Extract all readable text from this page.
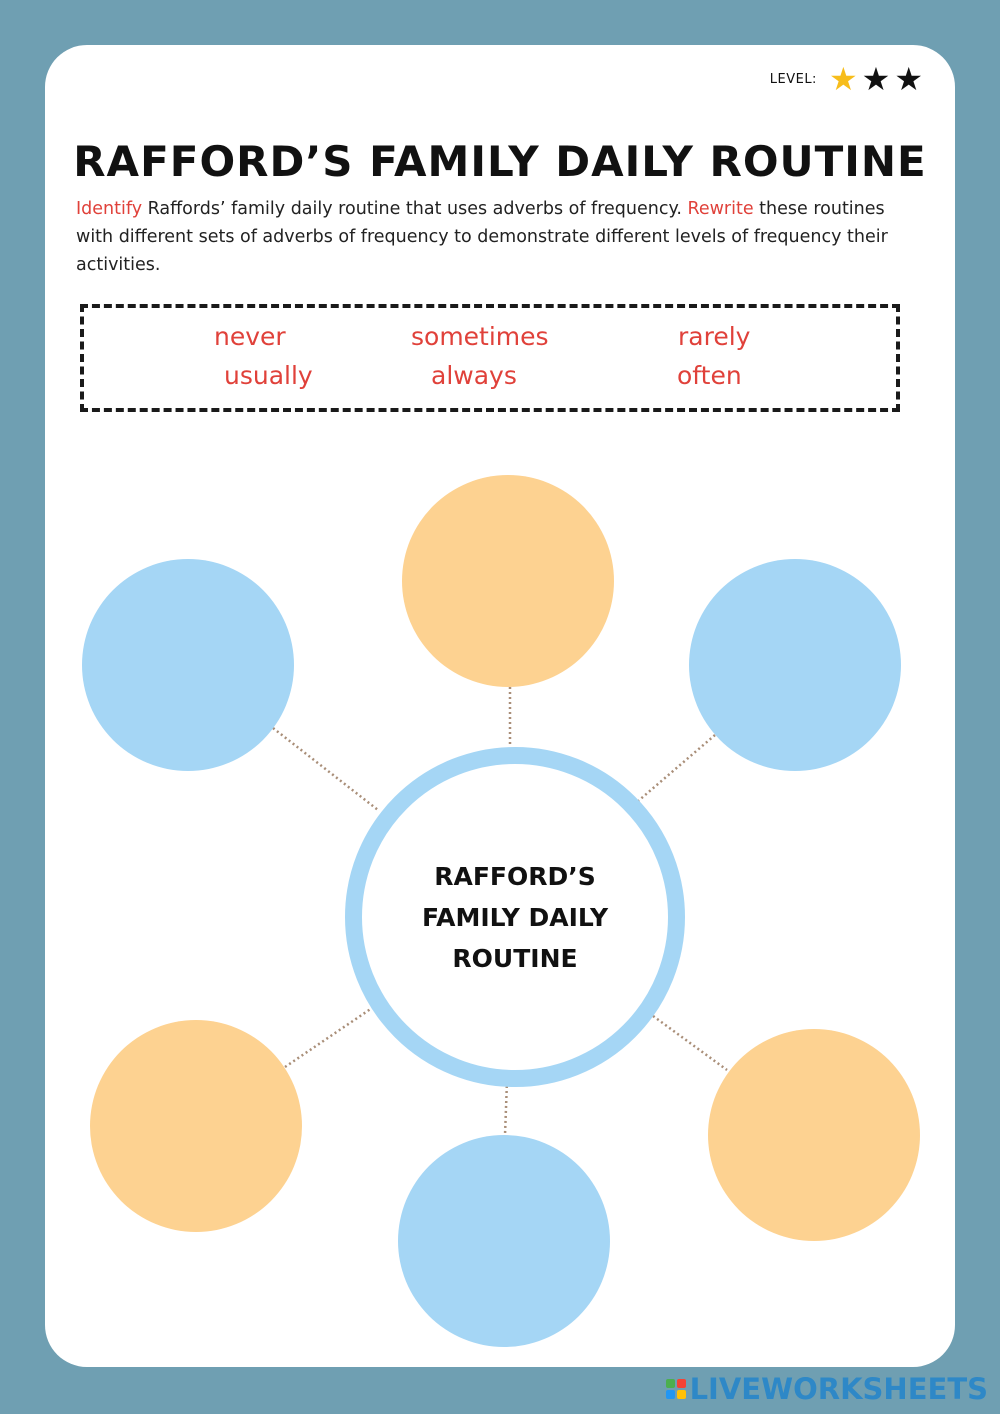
LEVEL: ★ ★ ★
RAFFORD’S FAMILY DAILY ROUTINE
Identify Raffords’ family daily routine that uses adverbs of frequency. Rewrite these routines with different sets of adverbs of frequency to demonstrate different levels of frequency their activities.
never	sometimes	rarely
usually	always	often
RAFFORD’S
FAMILY DAILY
ROUTINE
LIVEWORKSHEETS
